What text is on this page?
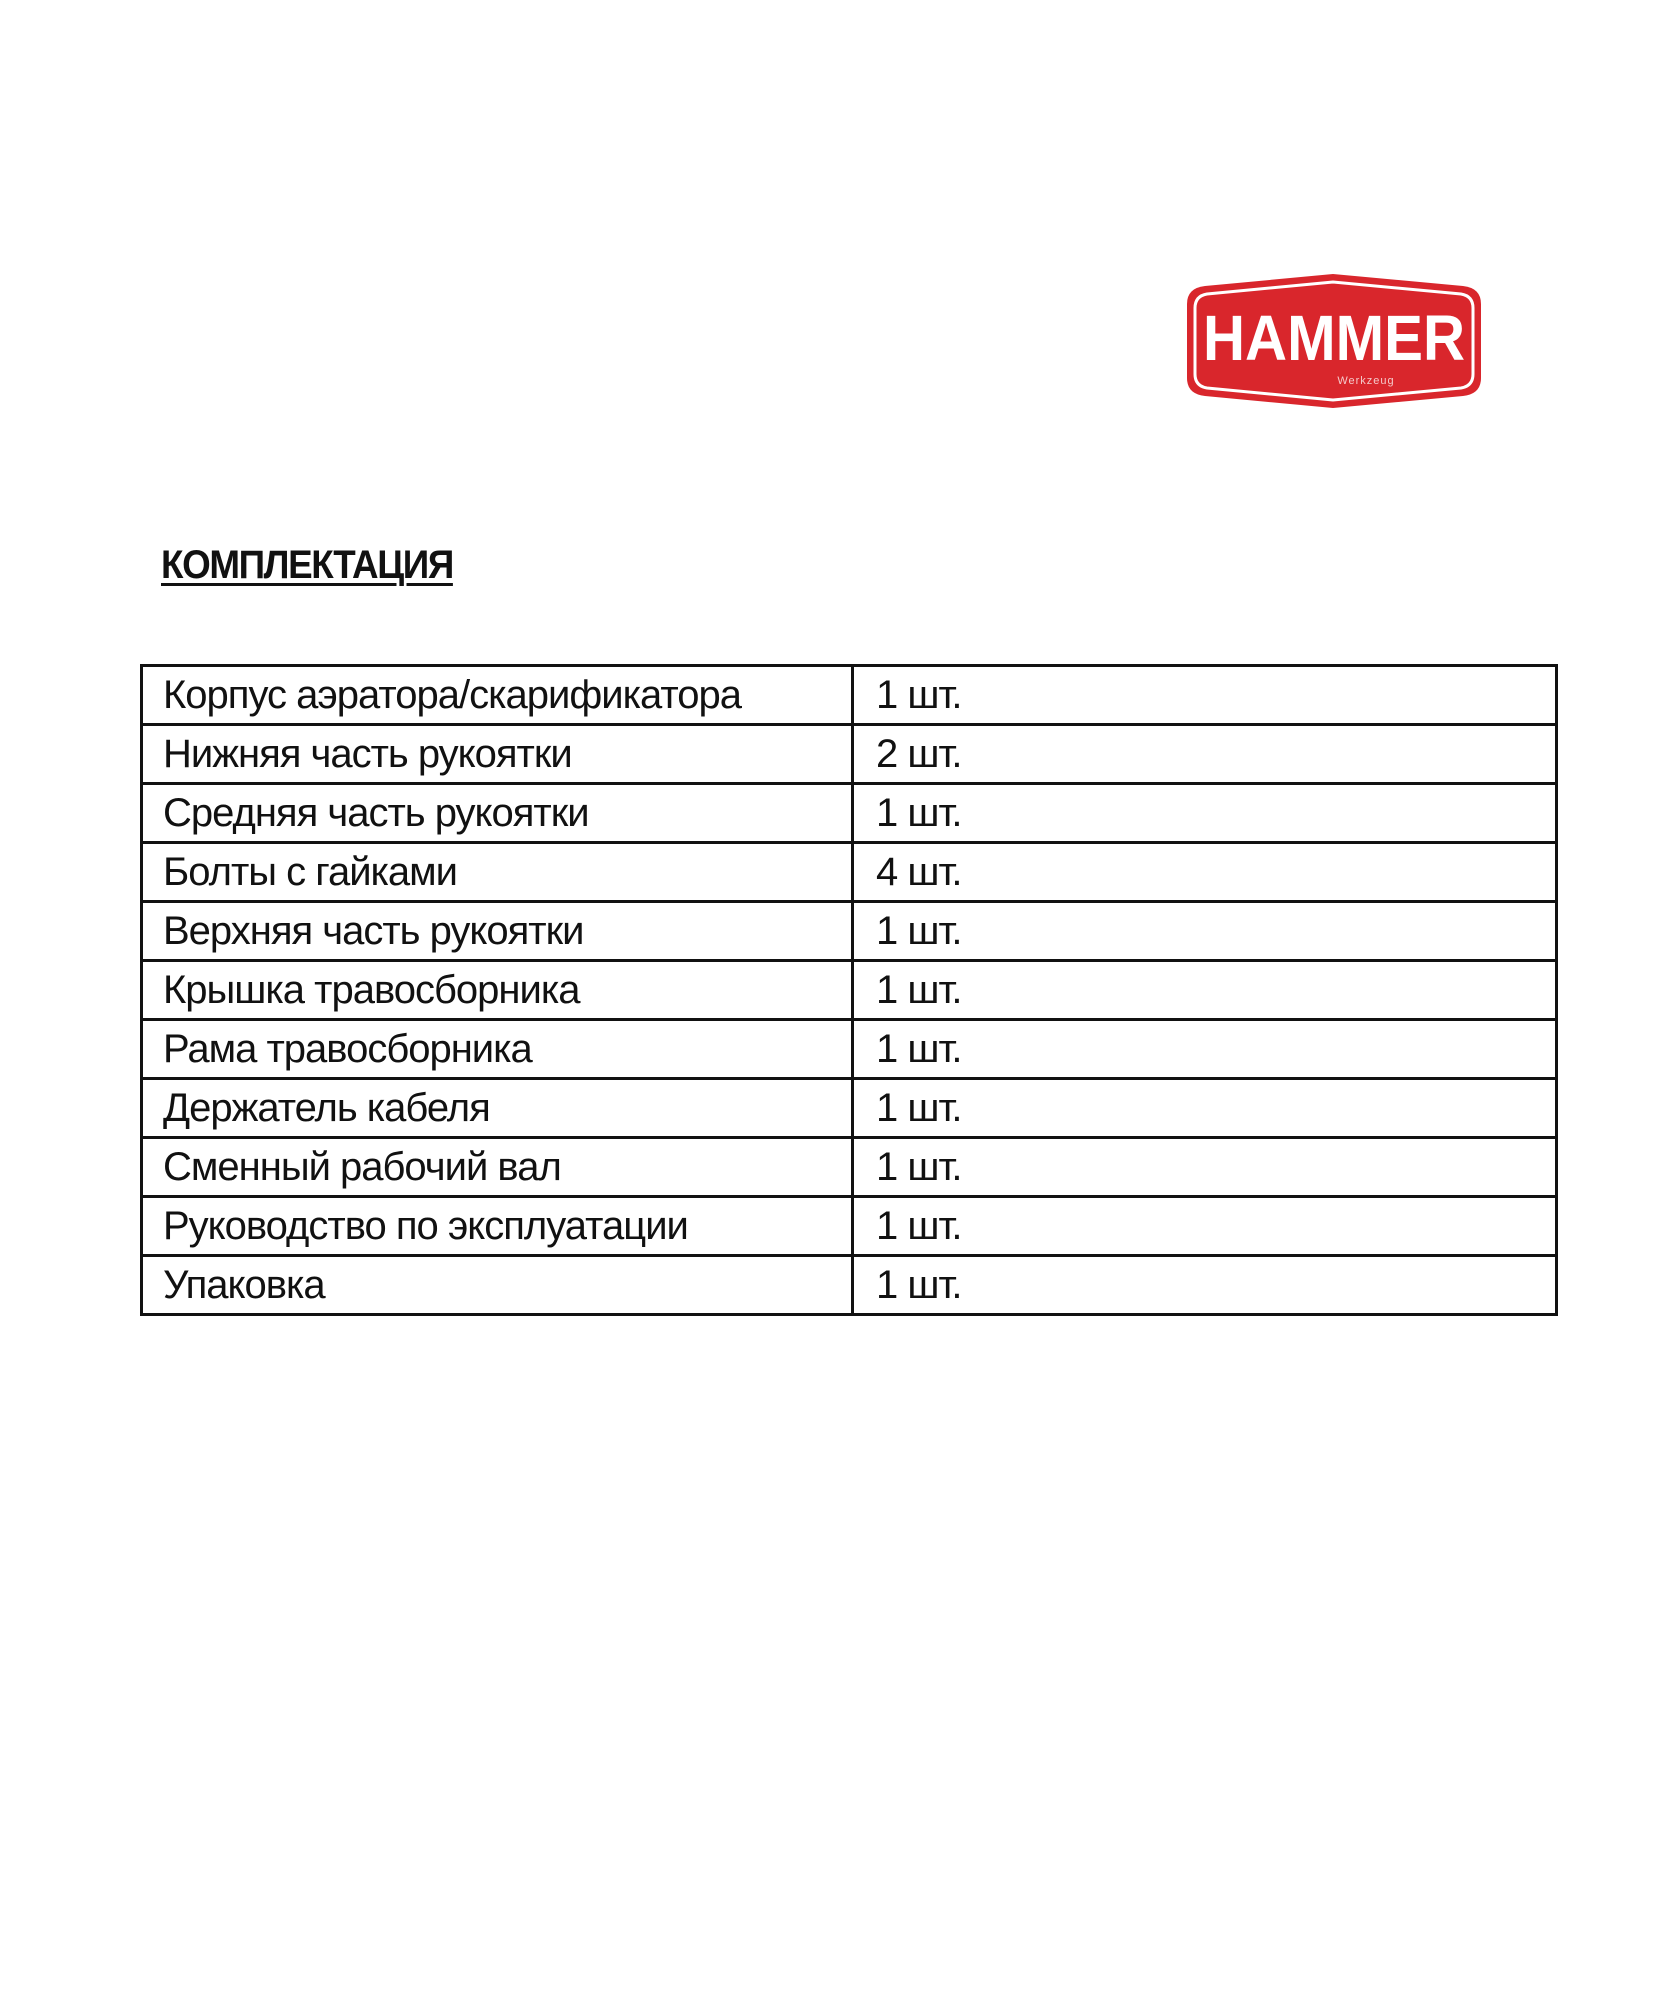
HAMMER
Werkzeug
КОМПЛЕКТАЦИЯ
Корпус аэратора/скарификатора	1 шт.
Нижняя часть рукоятки	2 шт.
Средняя часть рукоятки	1 шт.
Болты с гайками	4 шт.
Верхняя часть рукоятки	1 шт.
Крышка травосборника	1 шт.
Рама травосборника	1 шт.
Держатель кабеля	1 шт.
Сменный рабочий вал	1 шт.
Руководство по эксплуатации	1 шт.
Упаковка	1 шт.
